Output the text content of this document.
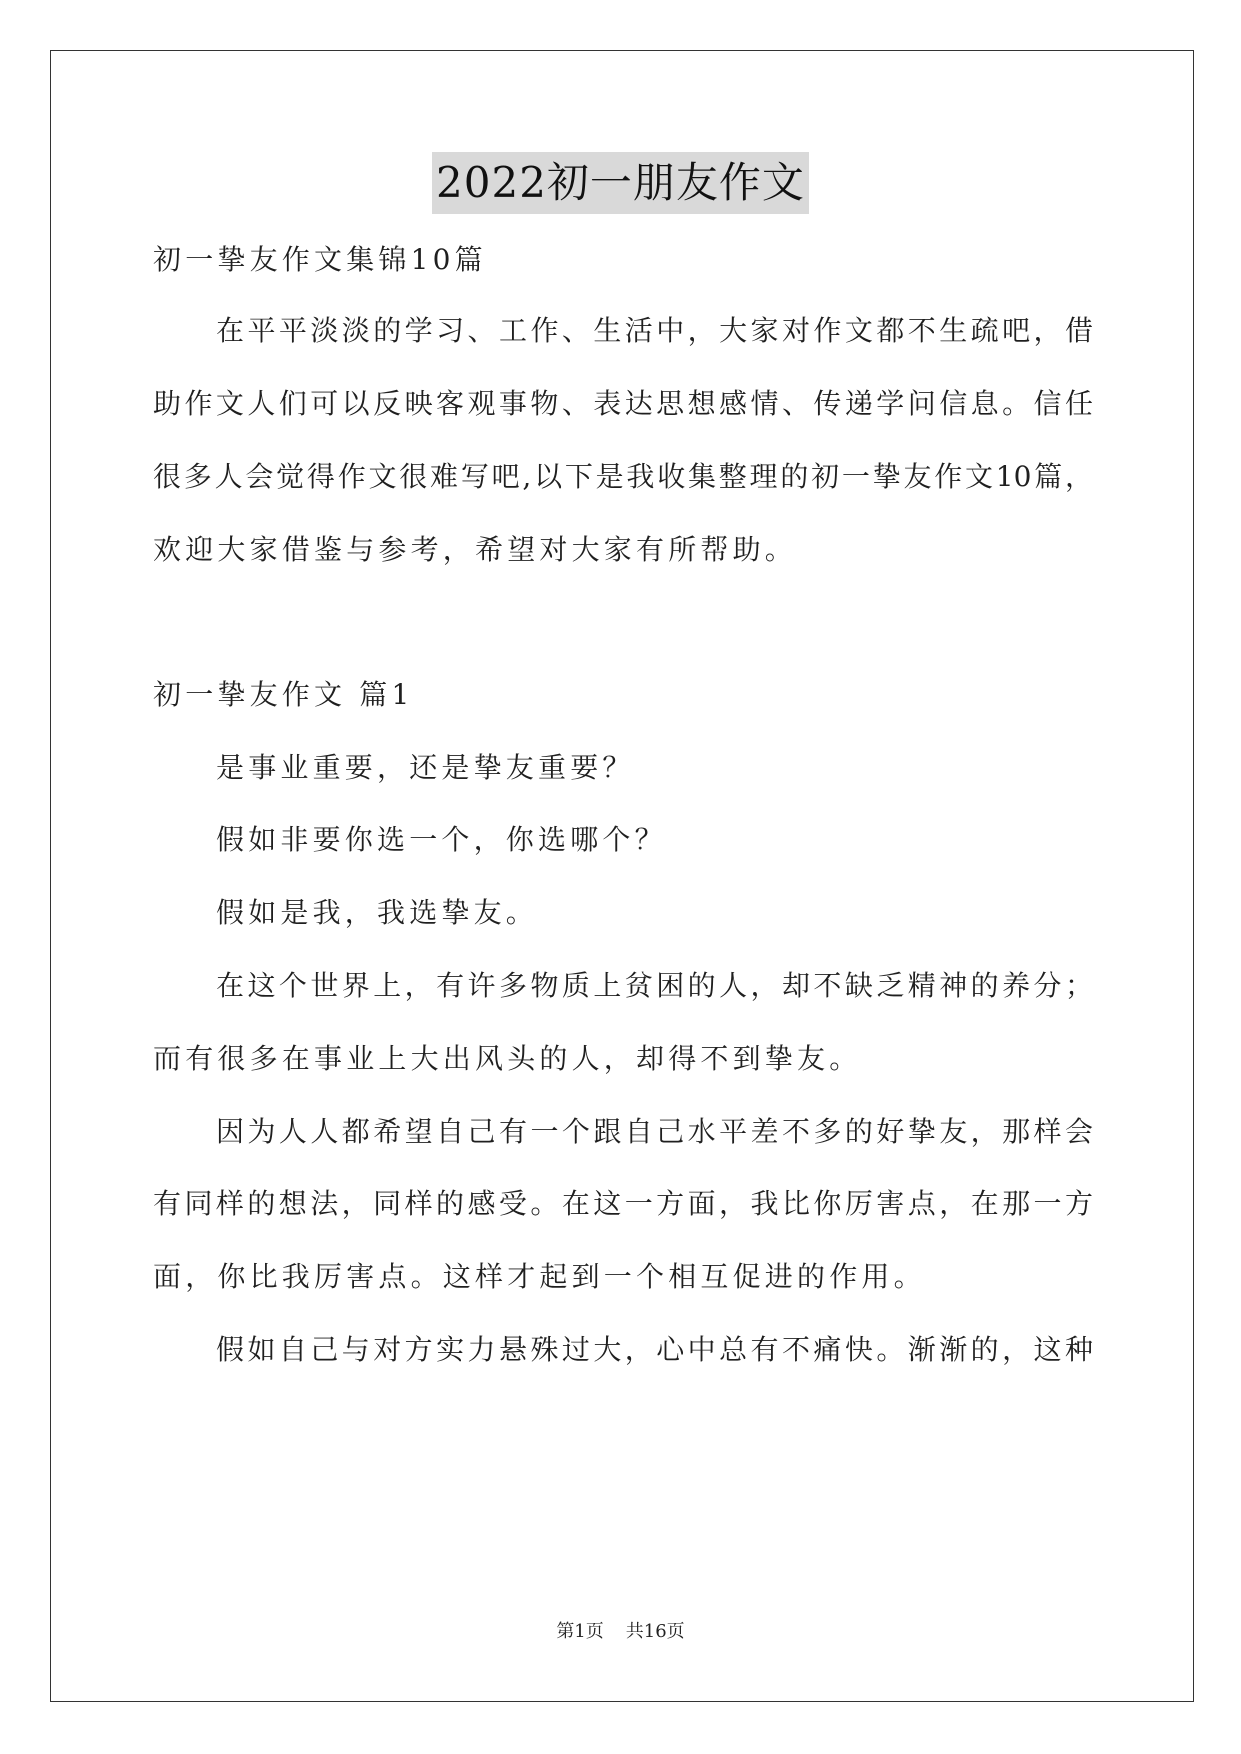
2022初一朋友作文
初一挚友作文集锦10篇
在平平淡淡的学习、工作、生活中，大家对作文都不生疏吧，借
助作文人们可以反映客观事物、表达思想感情、传递学问信息。信任
很多人会觉得作文很难写吧,以下是我收集整理的初一挚友作文10篇，
欢迎大家借鉴与参考，希望对大家有所帮助。
初一挚友作文 篇1
是事业重要，还是挚友重要？
假如非要你选一个，你选哪个？
假如是我，我选挚友。
在这个世界上，有许多物质上贫困的人，却不缺乏精神的养分；
而有很多在事业上大出风头的人，却得不到挚友。
因为人人都希望自己有一个跟自己水平差不多的好挚友，那样会
有同样的想法，同样的感受。在这一方面，我比你厉害点，在那一方
面，你比我厉害点。这样才起到一个相互促进的作用。
假如自己与对方实力悬殊过大，心中总有不痛快。渐渐的，这种
第1页 共16页
